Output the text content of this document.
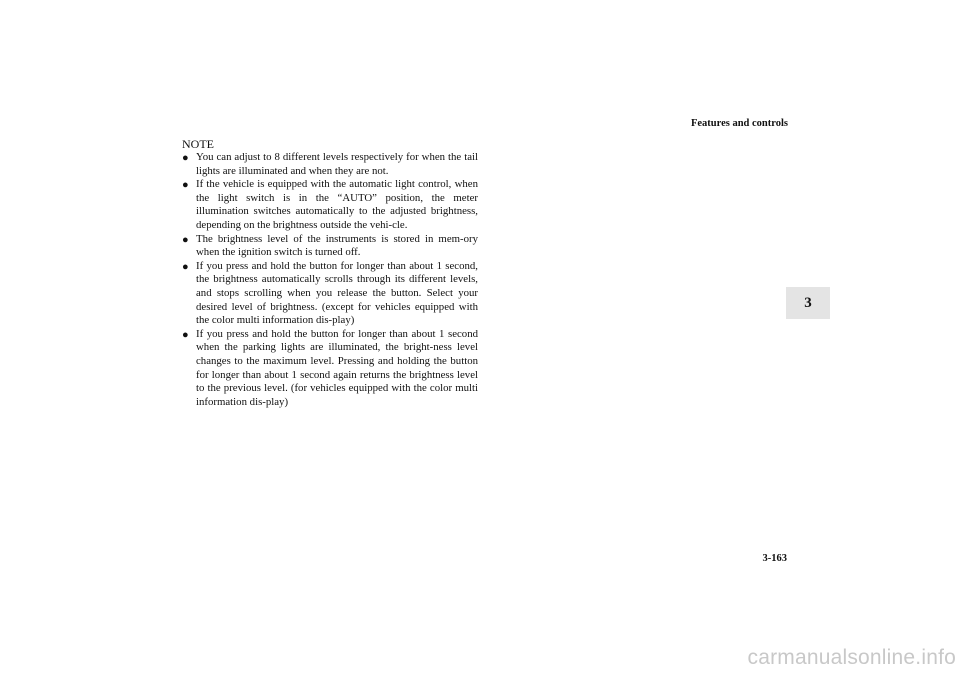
Features and controls
3

NOTE

● You can adjust to 8 different levels respectively for when the tail lights are illuminated and when they are not.
● If the vehicle is equipped with the automatic light control, when the light switch is in the “AUTO” position, the meter illumination switches automatically to the adjusted brightness, depending on the brightness outside the vehi-cle.
● The brightness level of the instruments is stored in mem-ory when the ignition switch is turned off.
● If you press and hold the button for longer than about 1 second, the brightness automatically scrolls through its different levels, and stops scrolling when you release the button. Select your desired level of brightness. (except for vehicles equipped with the color multi information dis-play)
● If you press and hold the button for longer than about 1 second when the parking lights are illuminated, the bright-ness level changes to the maximum level. Pressing and holding the button for longer than about 1 second again returns the brightness level to the previous level. (for vehicles equipped with the color multi information dis-play)
3-163
carmanualsonline.info
